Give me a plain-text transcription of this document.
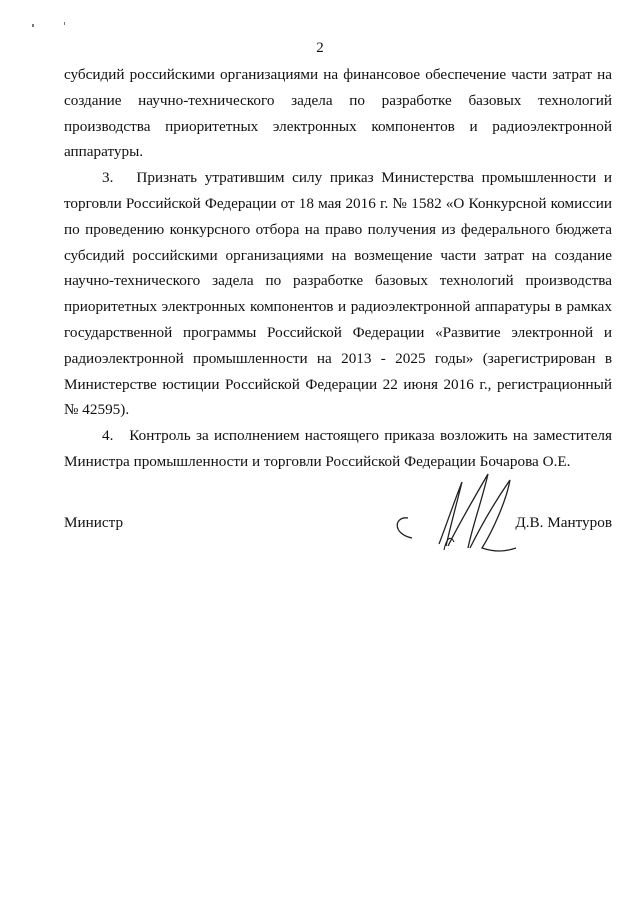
2

субсидий российскими организациями на финансовое обеспечение части затрат на создание научно-технического задела по разработке базовых технологий производства приоритетных электронных компонентов и радиоэлектронной аппаратуры.

3.   Признать утратившим силу приказ Министерства промышленности и торговли Российской Федерации от 18 мая 2016 г. № 1582 «О Конкурсной комиссии по проведению конкурсного отбора на право получения из федерального бюджета субсидий российскими организациями на возмещение части затрат на создание научно-технического задела по разработке базовых технологий производства приоритетных электронных компонентов и радиоэлектронной аппаратуры в рамках государственной программы Российской Федерации «Развитие электронной и радиоэлектронной промышленности на 2013 - 2025 годы» (зарегистрирован в Министерстве юстиции Российской Федерации 22 июня 2016 г., регистрационный № 42595).

4.   Контроль за исполнением настоящего приказа возложить на заместителя Министра промышленности и торговли Российской Федерации Бочарова О.Е.

Министр	Д.В. Мантуров
